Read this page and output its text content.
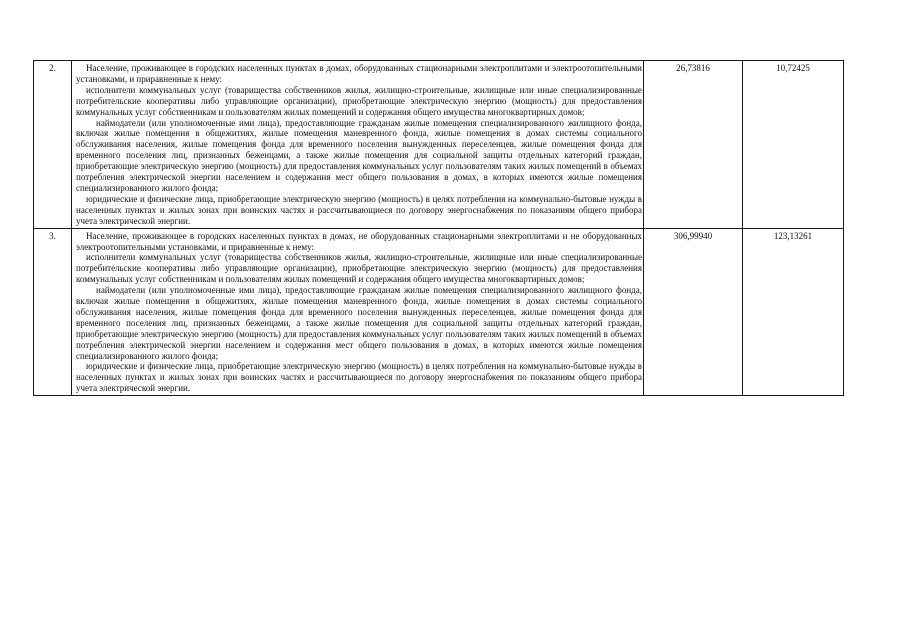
2.	Население, проживающее в городских населенных пунктах в домах, оборудованных стационарными электроплитами и электроотопительными установками, и приравненные к нему:

исполнители коммунальных услуг (товарищества собственников жилья, жилищно-строительные, жилищные или иные специализированные потребительские кооперативы либо управляющие организации), приобретающие электрическую энергию (мощность) для предоставления коммунальных услуг собственникам и пользователям жилых помещений и содержания общего имущества многоквартирных домов;

наймодатели (или уполномоченные ими лица), предоставляющие гражданам жилые помещения специализированного жилищного фонда, включая жилые помещения в общежитиях, жилые помещения маневренного фонда, жилые помещения в домах системы социального обслуживания населения, жилые помещения фонда для временного поселения вынужденных переселенцев, жилые помещения фонда для временного поселения лиц, признанных беженцами, а также жилые помещения для социальной защиты отдельных категорий граждан, приобретающие электрическую энергию (мощность) для предоставления коммунальных услуг пользователям таких жилых помещений в объемах потребления электрической энергии населением и содержания мест общего пользования в домах, в которых имеются жилые помещения специализированного жилого фонда;

юридические и физические лица, приобретающие электрическую энергию (мощность) в целях потребления на коммунально-бытовые нужды в населенных пунктах и жилых зонах при воинских частях и рассчитывающиеся по договору энергоснабжения по показаниям общего прибора учета электрической энергии.	26,73816	10,72425
3.	Население, проживающее в городских населенных пунктах в домах, не оборудованных стационарными электроплитами и не оборудованных электроотопительными установками, и приравненные к нему:

исполнители коммунальных услуг (товарищества собственников жилья, жилищно-строительные, жилищные или иные специализированные потребительские кооперативы либо управляющие организации), приобретающие электрическую энергию (мощность) для предоставления коммунальных услуг собственникам и пользователям жилых помещений и содержания общего имущества многоквартирных домов;

наймодатели (или уполномоченные ими лица), предоставляющие гражданам жилые помещения специализированного жилищного фонда, включая жилые помещения в общежитиях, жилые помещения маневренного фонда, жилые помещения в домах системы социального обслуживания населения, жилые помещения фонда для временного поселения вынужденных переселенцев, жилые помещения фонда для временного поселения лиц, признанных беженцами, а также жилые помещения для социальной защиты отдельных категорий граждан, приобретающие электрическую энергию (мощность) для предоставления коммунальных услуг пользователям таких жилых помещений в объемах потребления электрической энергии населением и содержания мест общего пользования в домах, в которых имеются жилые помещения специализированного жилого фонда;

юридические и физические лица, приобретающие электрическую энергию (мощность) в целях потребления на коммунально-бытовые нужды в населенных пунктах и жилых зонах при воинских частях и рассчитывающиеся по договору энергоснабжения по показаниям общего прибора учета электрической энергии.	306,99940	123,13261
